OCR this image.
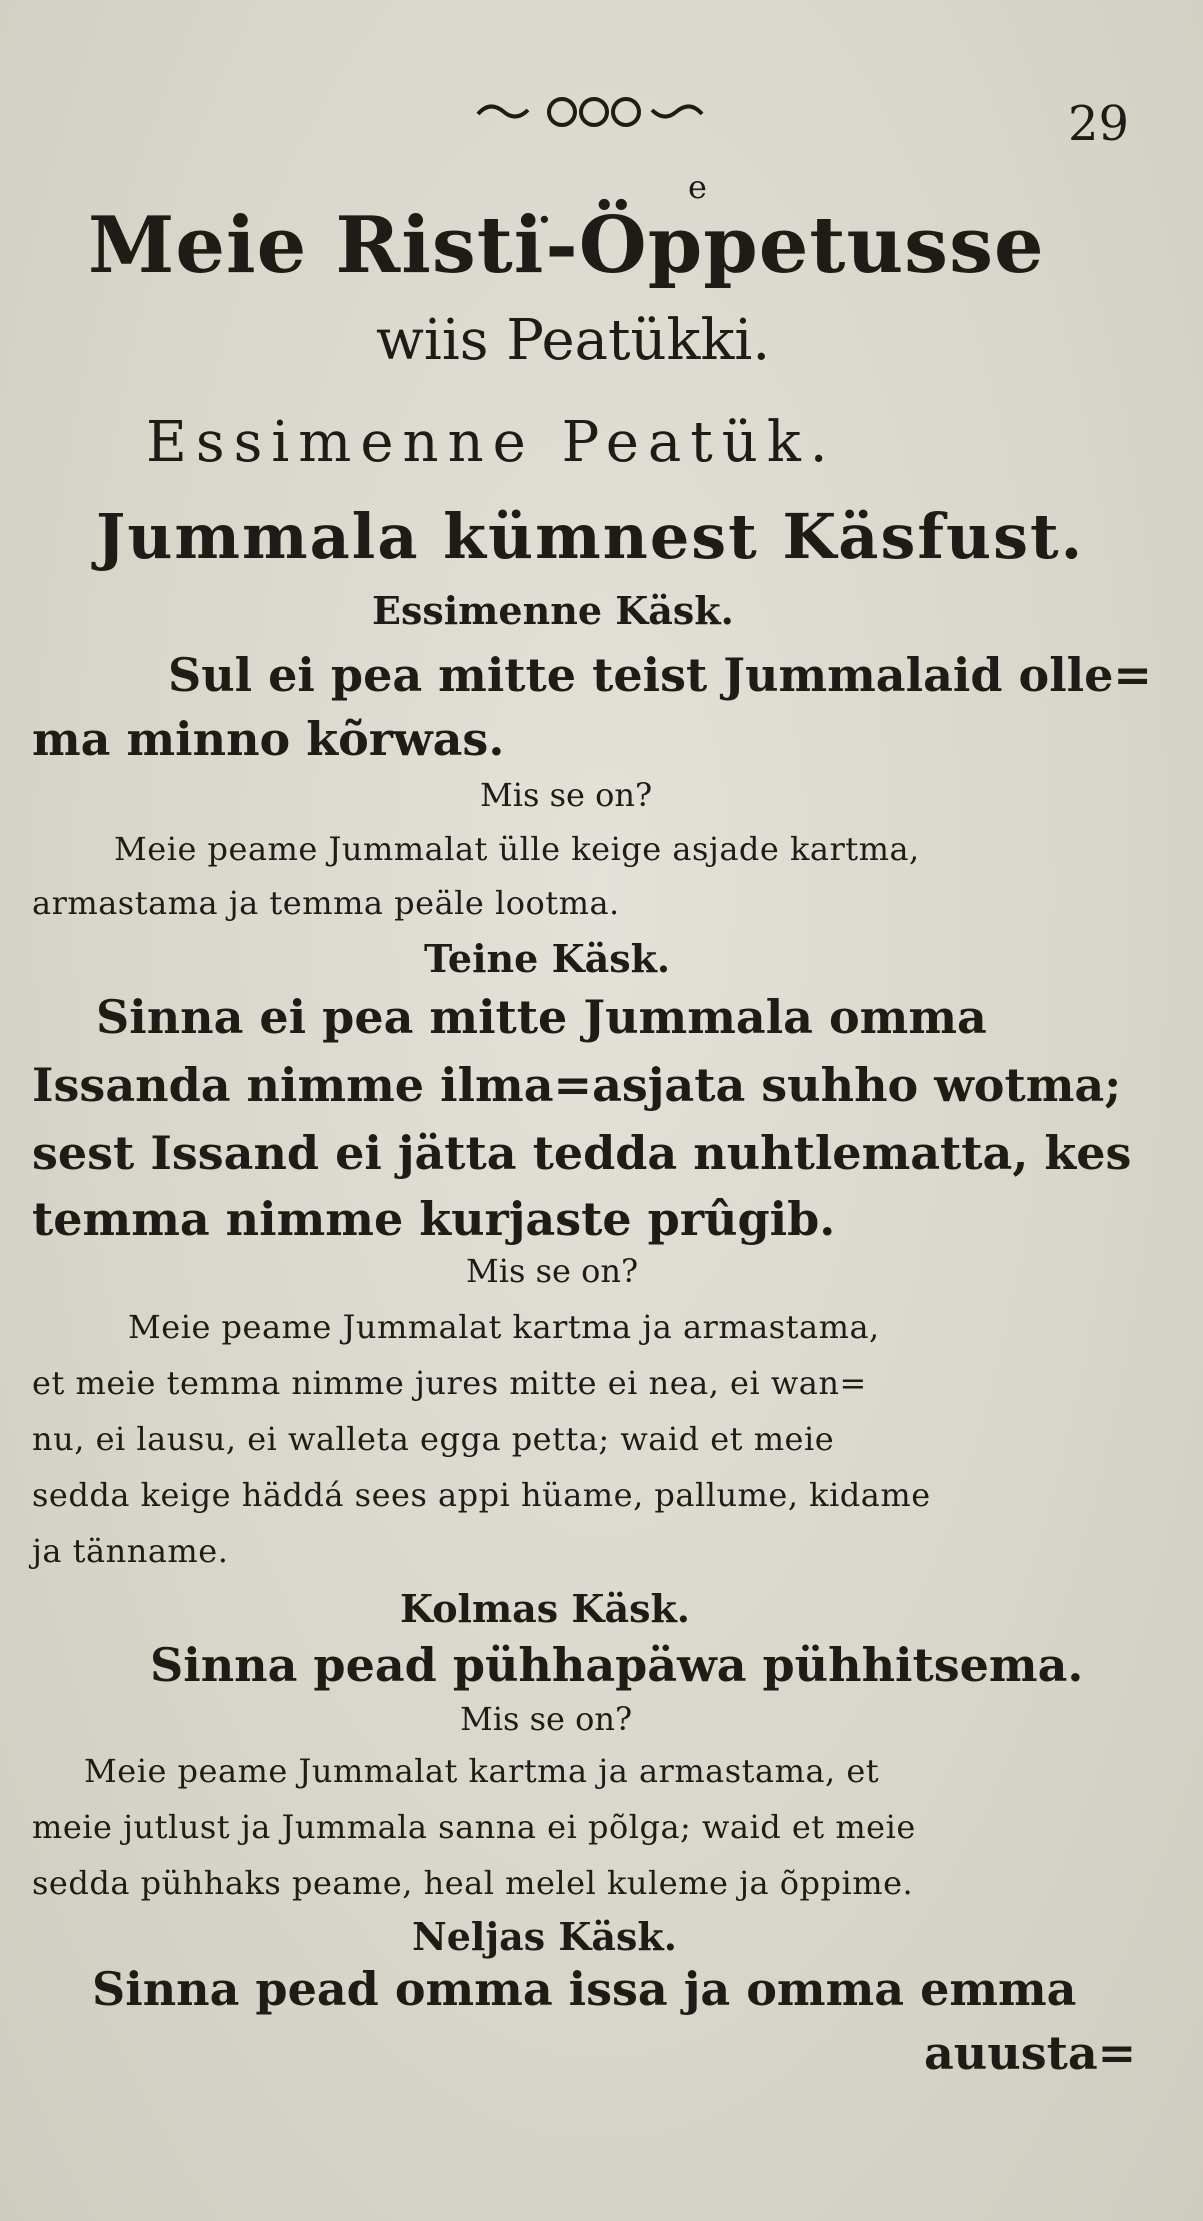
29
e
Meie Ristiׁ-Öppetusse
wiis Peatükki.
Essimenne Peatük.
Jummala kümnest Käsfust.
Essimenne Käsk.
Sul ei pea mitte teist Jummalaid olle=
ma minno kõrwas.
Mis se on?
Meie peame Jummalat ülle keige asjade kartma,
armastama ja temma peäle lootma.
Teine Käsk.
Sinna ei pea mitte Jummala omma
Issanda nimme ilma=asjata suhho wotma;
sest Issand ei jätta tedda nuhtlematta, kes
temma nimme kurjaste prûgib.
Mis se on?
Meie peame Jummalat kartma ja armastama,
et meie temma nimme jures mitte ei nea, ei wan=
nu, ei lausu, ei walleta egga petta; waid et meie
sedda keige häddá sees appi hüame, pallume, kidame
ja tänname.
Kolmas Käsk.
Sinna pead pühhapäwa pühhitsema.
Mis se on?
Meie peame Jummalat kartma ja armastama, et
meie jutlust ja Jummala sanna ei põlga; waid et meie
sedda pühhaks peame, heal melel kuleme ja õppime.
Neljas Käsk.
Sinna pead omma issa ja omma emma
auusta=
